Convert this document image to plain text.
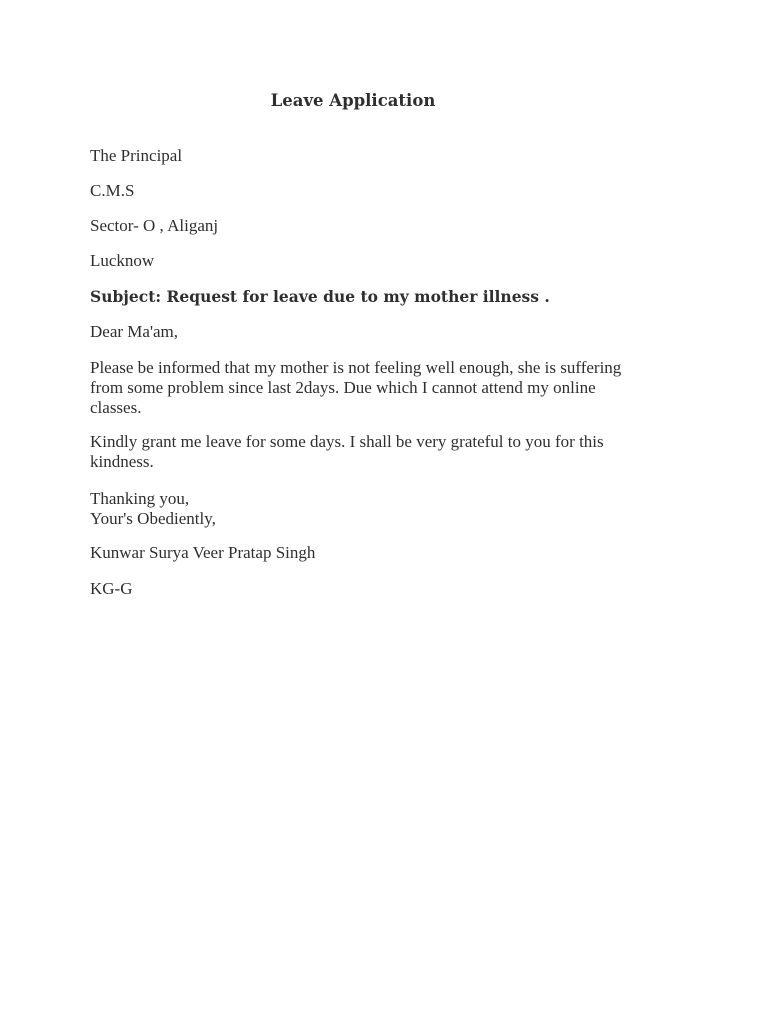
Leave Application
The Principal
C.M.S
Sector- O , Aliganj
Lucknow
Subject: Request for leave due to my mother illness .
Dear Ma'am,
Please be informed that my mother is not feeling well enough, she is suffering
from some problem since last 2days. Due which I cannot attend my online
classes.
Kindly grant me leave for some days. I shall be very grateful to you for this
kindness.
Thanking you,
Your's Obediently,
Kunwar Surya Veer Pratap Singh
KG-G
